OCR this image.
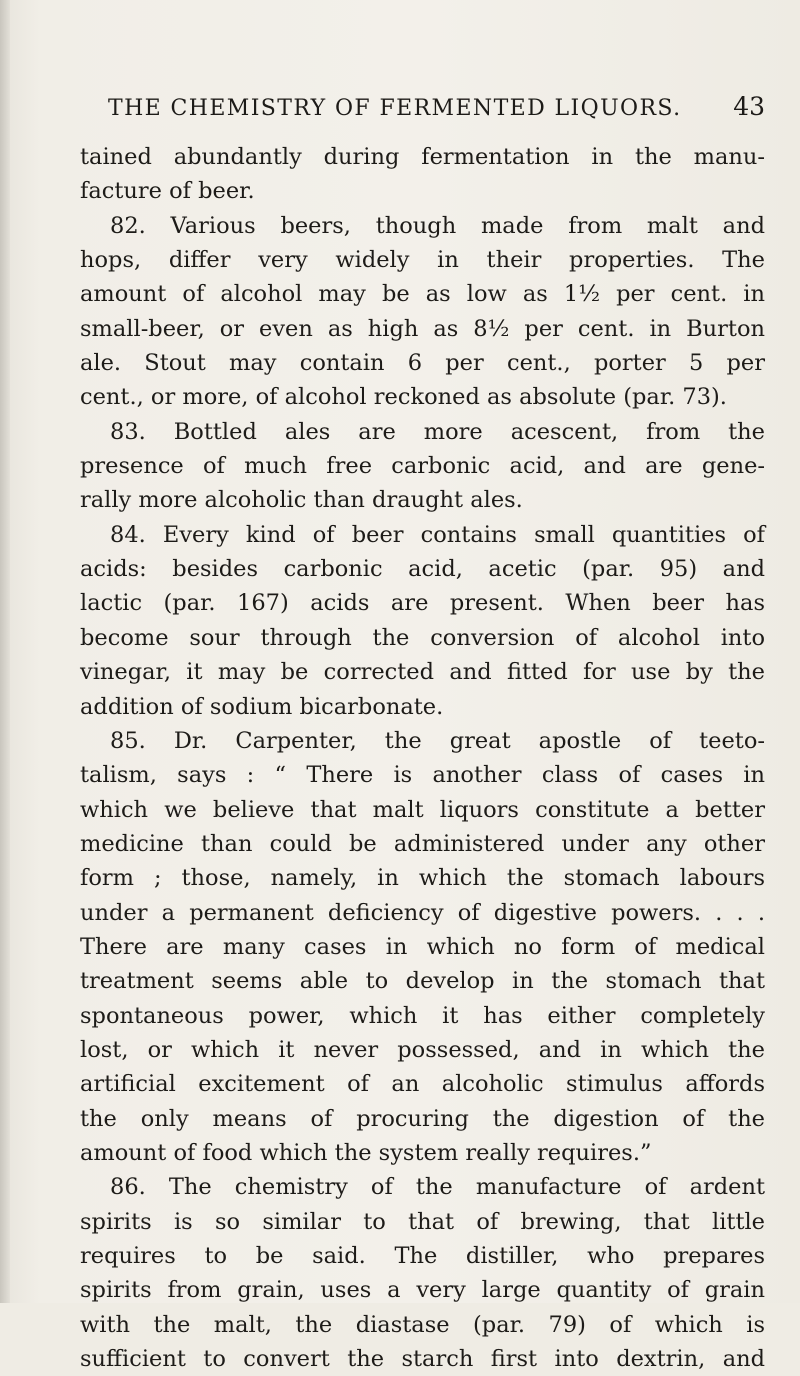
THE CHEMISTRY OF FERMENTED LIQUORS. 43
tained abundantly during fermentation in the manu-
facture of beer.
82. Various beers, though made from malt and
hops, differ very widely in their properties. The
amount of alcohol may be as low as 1½ per cent. in
small-beer, or even as high as 8½ per cent. in Burton
ale. Stout may contain 6 per cent., porter 5 per
cent., or more, of alcohol reckoned as absolute (par. 73).
83. Bottled ales are more acescent, from the
presence of much free carbonic acid, and are gene-
rally more alcoholic than draught ales.
84. Every kind of beer contains small quantities of
acids: besides carbonic acid, acetic (par. 95) and
lactic (par. 167) acids are present. When beer has
become sour through the conversion of alcohol into
vinegar, it may be corrected and fitted for use by the
addition of sodium bicarbonate.
85. Dr. Carpenter, the great apostle of teeto-
talism, says : “ There is another class of cases in
which we believe that malt liquors constitute a better
medicine than could be administered under any other
form ; those, namely, in which the stomach labours
under a permanent deficiency of digestive powers. . . .
There are many cases in which no form of medical
treatment seems able to develop in the stomach that
spontaneous power, which it has either completely
lost, or which it never possessed, and in which the
artificial excitement of an alcoholic stimulus affords
the only means of procuring the digestion of the
amount of food which the system really requires.”
86. The chemistry of the manufacture of ardent
spirits is so similar to that of brewing, that little
requires to be said. The distiller, who prepares
spirits from grain, uses a very large quantity of grain
with the malt, the diastase (par. 79) of which is
sufficient to convert the starch first into dextrin, and
